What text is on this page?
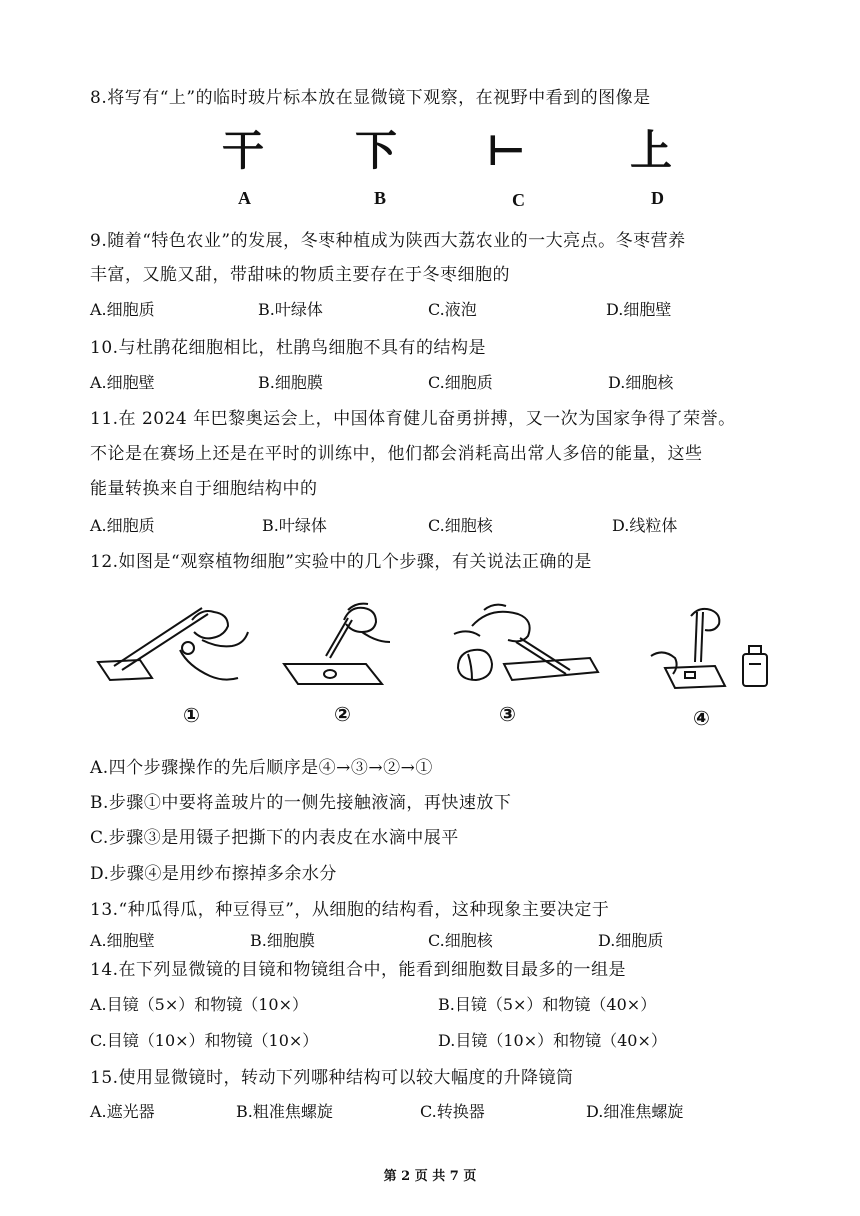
8.将写有“上”的临时玻片标本放在显微镜下观察，在视野中看到的图像是
干 下 ⊢ 上
A	B	C	D
9.随着“特色农业”的发展，冬枣种植成为陕西大荔农业的一大亮点。冬枣营养
丰富，又脆又甜，带甜味的物质主要存在于冬枣细胞的
A.细胞质	B.叶绿体	C.液泡	D.细胞壁
10.与杜鹃花细胞相比，杜鹃鸟细胞不具有的结构是
A.细胞壁	B.细胞膜	C.细胞质	D.细胞核
11.在 2024 年巴黎奥运会上，中国体育健儿奋勇拼搏，又一次为国家争得了荣誉。
不论是在赛场上还是在平时的训练中，他们都会消耗高出常人多倍的能量，这些
能量转换来自于细胞结构中的
A.细胞质	B.叶绿体	C.细胞核	D.线粒体
12.如图是“观察植物细胞”实验中的几个步骤，有关说法正确的是
①	②	③	④
A.四个步骤操作的先后顺序是④→③→②→①
B.步骤①中要将盖玻片的一侧先接触液滴，再快速放下
C.步骤③是用镊子把撕下的内表皮在水滴中展平
D.步骤④是用纱布擦掉多余水分
13.“种瓜得瓜，种豆得豆”，从细胞的结构看，这种现象主要决定于
A.细胞壁	B.细胞膜	C.细胞核	D.细胞质
14.在下列显微镜的目镜和物镜组合中，能看到细胞数目最多的一组是
A.目镜（5×）和物镜（10×）	B.目镜（5×）和物镜（40×）
C.目镜（10×）和物镜（10×）	D.目镜（10×）和物镜（40×）
15.使用显微镜时，转动下列哪种结构可以较大幅度的升降镜筒
A.遮光器	B.粗准焦螺旋	C.转换器	D.细准焦螺旋
第 2 页 共 7 页
